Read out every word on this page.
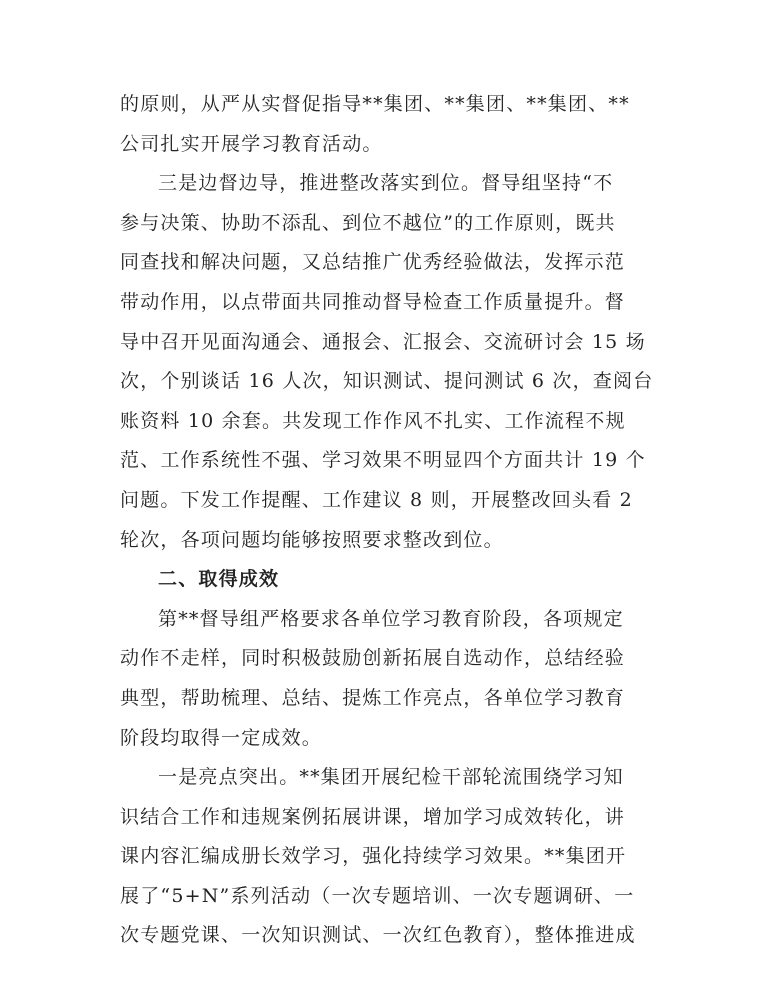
的原则，从严从实督促指导**集团、**集团、**集团、**
公司扎实开展学习教育活动。
三是边督边导，推进整改落实到位。督导组坚持“不
参与决策、协助不添乱、到位不越位”的工作原则，既共
同查找和解决问题，又总结推广优秀经验做法，发挥示范
带动作用，以点带面共同推动督导检查工作质量提升。督
导中召开见面沟通会、通报会、汇报会、交流研讨会 15 场
次，个别谈话 16 人次，知识测试、提问测试 6 次，查阅台
账资料 10 余套。共发现工作作风不扎实、工作流程不规
范、工作系统性不强、学习效果不明显四个方面共计 19 个
问题。下发工作提醒、工作建议 8 则，开展整改回头看 2
轮次，各项问题均能够按照要求整改到位。
二、取得成效
第**督导组严格要求各单位学习教育阶段，各项规定
动作不走样，同时积极鼓励创新拓展自选动作，总结经验
典型，帮助梳理、总结、提炼工作亮点，各单位学习教育
阶段均取得一定成效。
一是亮点突出。**集团开展纪检干部轮流围绕学习知
识结合工作和违规案例拓展讲课，增加学习成效转化，讲
课内容汇编成册长效学习，强化持续学习效果。**集团开
展了“5+N”系列活动（一次专题培训、一次专题调研、一
次专题党课、一次知识测试、一次红色教育），整体推进成
